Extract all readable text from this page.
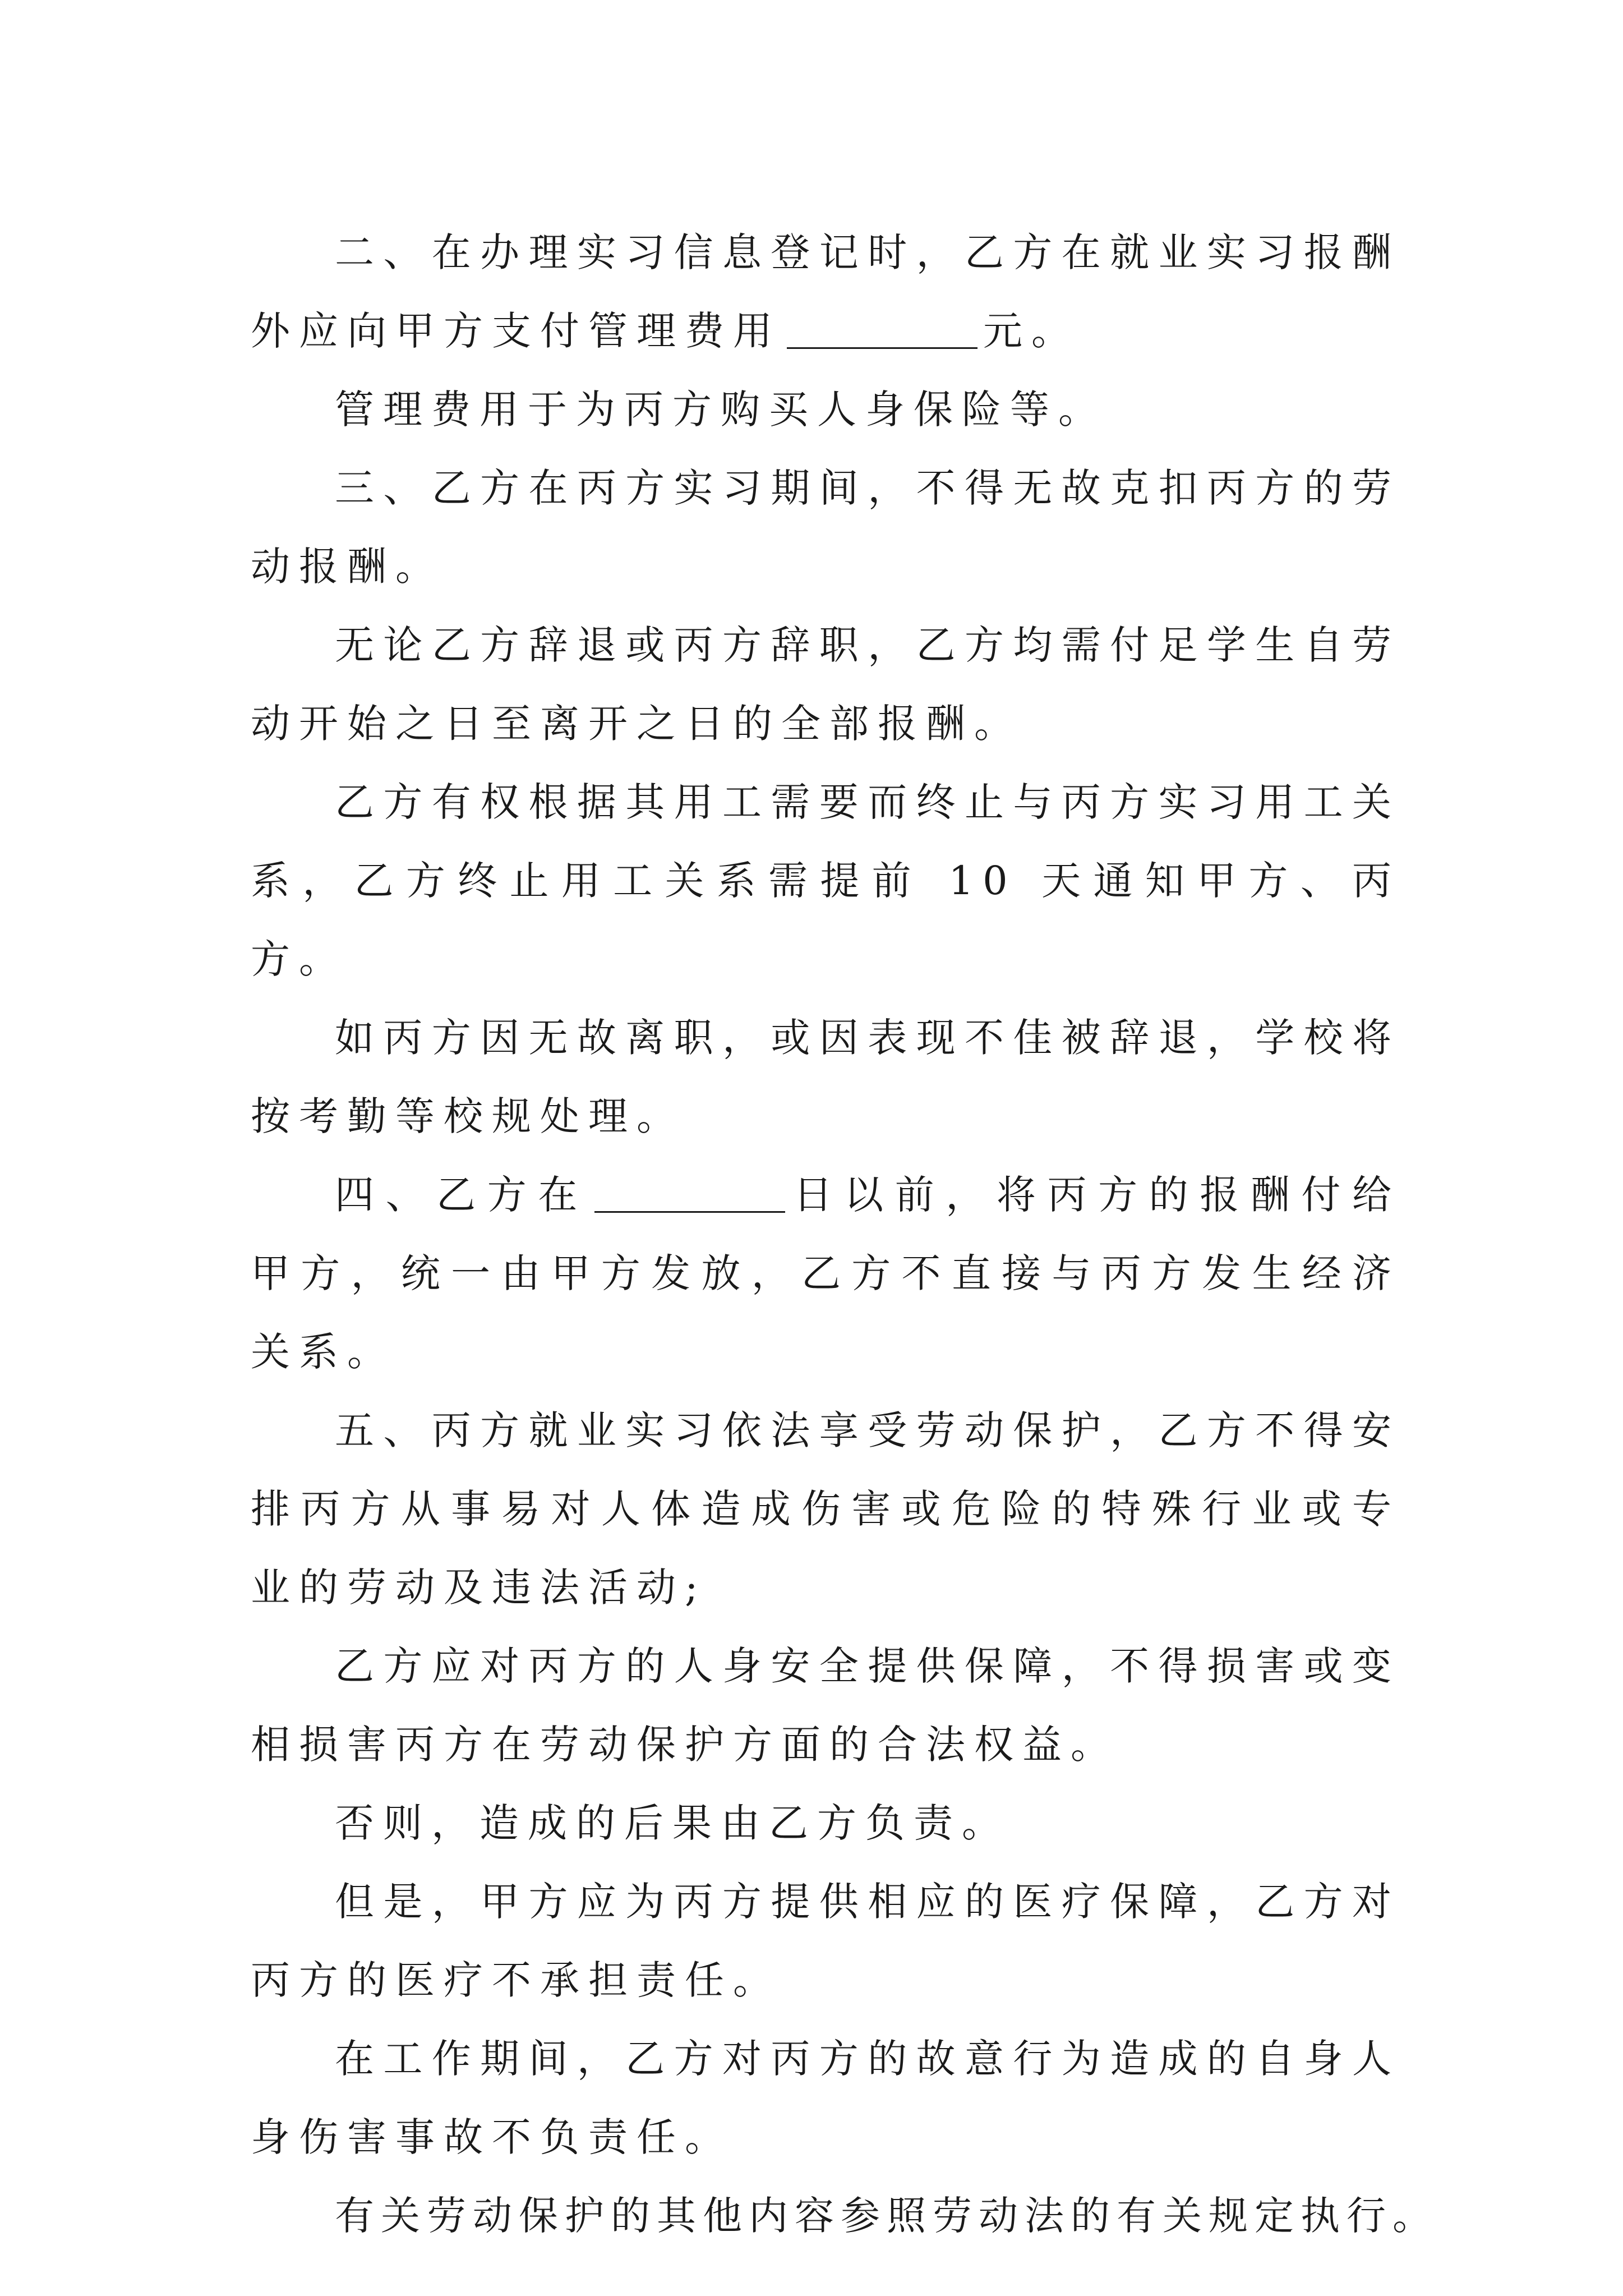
二、在办理实习信息登记时，乙方在就业实习报酬外应向甲方支付管理费用	元。

管理费用于为丙方购买人身保险等。

三、乙方在丙方实习期间，不得无故克扣丙方的劳动报酬。

无论乙方辞退或丙方辞职，乙方均需付足学生自劳动开始之日至离开之日的全部报酬。

乙方有权根据其用工需要而终止与丙方实习用工关系，乙方终止用工关系需提前 10 天通知甲方、丙方。

如丙方因无故离职，或因表现不佳被辞退，学校将按考勤等校规处理。

四、乙方在	日以前，将丙方的报酬付给甲方，统一由甲方发放，乙方不直接与丙方发生经济关系。

五、丙方就业实习依法享受劳动保护，乙方不得安排丙方从事易对人体造成伤害或危险的特殊行业或专业的劳动及违法活动;

乙方应对丙方的人身安全提供保障，不得损害或变相损害丙方在劳动保护方面的合法权益。

否则，造成的后果由乙方负责。

但是，甲方应为丙方提供相应的医疗保障，乙方对丙方的医疗不承担责任。

在工作期间，乙方对丙方的故意行为造成的自身人身伤害事故不负责任。

有关劳动保护的其他内容参照劳动法的有关规定执行。
